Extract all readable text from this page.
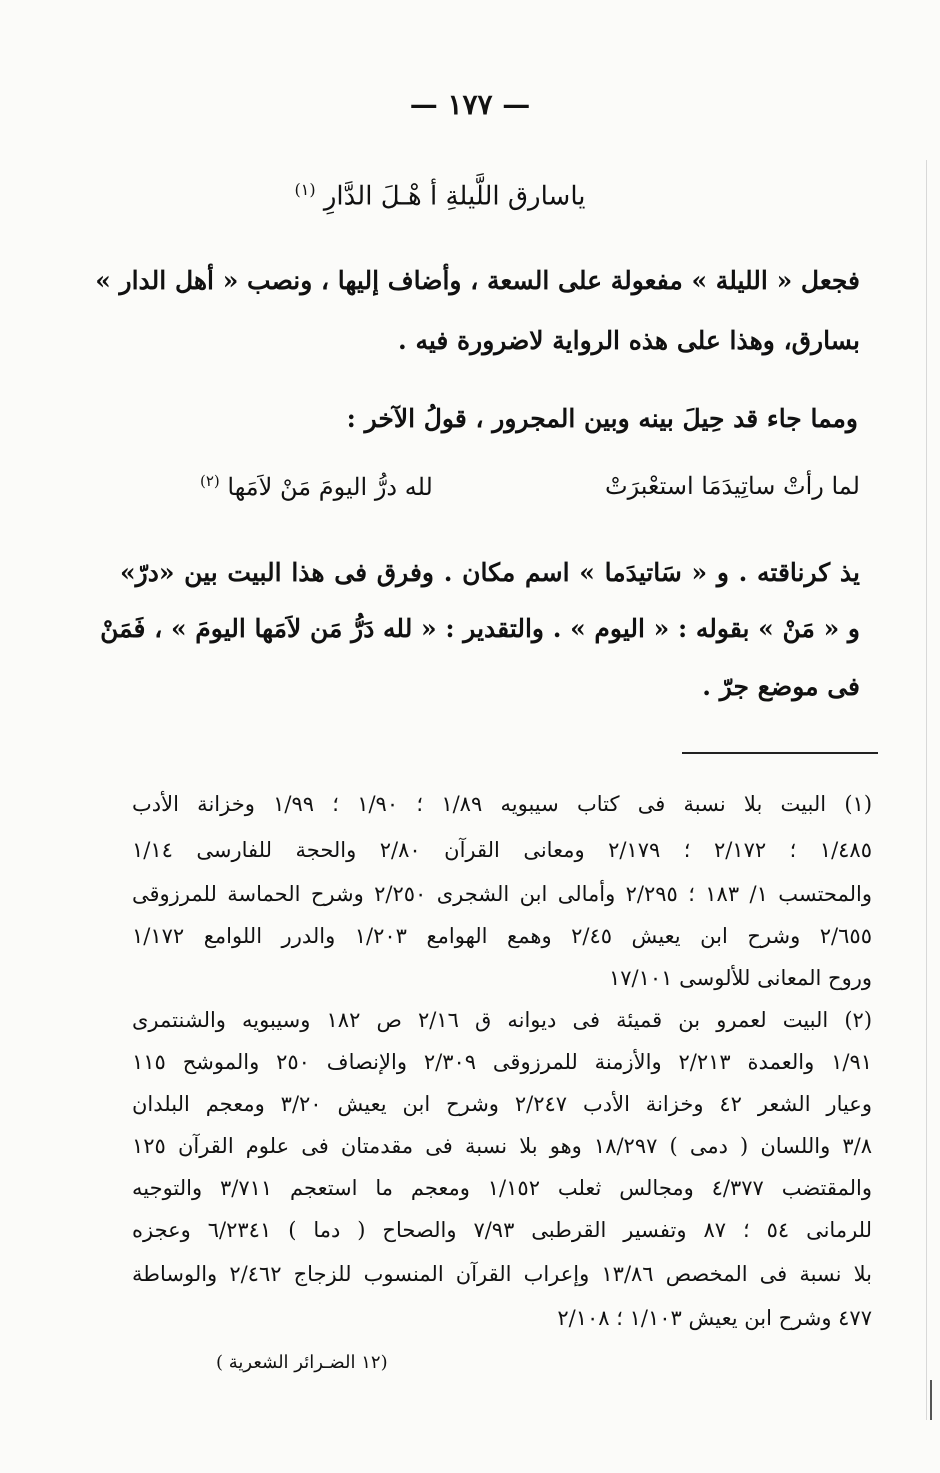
— ١٧٧ —
ياسارق اللَّيلةِ أ هْـلَ الدَّارِ $^{(١)}$
فجعل « الليلة » مفعولة على السعة ، وأضاف إليها ، ونصب « أهل الدار »
بسارق، وهذا على هذه الرواية لاضرورة فيه .
ومما جاء قد حِيلَ بينه وبين المجرور ، قولُ الآخر :
لما رأتْ ساتِيدَمَا استعْبرَتْ
لله درُّ اليومَ مَنْ لاَمَها $^{(٢)}$
يذ كرناقته . و « سَاتيدَما » اسم مكان . وفرق فى هذا البيت بين «درّ»
و « مَنْ » بقوله : « اليوم » . والتقدير : « لله دَرُّ مَن لاَمَها اليومَ » ، فَمَنْ
فى موضع جرّ .
(١) البيت بلا نسبة فى كتاب سيبويه ١/٨٩ ؛ ١/٩٠ ؛ ١/٩٩ وخزانة الأدب
١/٤٨٥ ؛ ٢/١٧٢ ؛ ٢/١٧٩ ومعانى القرآن ٢/٨٠ والحجة للفارسى ١/١٤
والمحتسب ١/ ١٨٣ ؛ ٢/٢٩٥ وأمالى ابن الشجرى ٢/٢٥٠ وشرح الحماسة للمرزوقى
٢/٦٥٥ وشرح ابن يعيش ٢/٤٥ وهمع الهوامع ١/٢٠٣ والدرر اللوامع ١/١٧٢
وروح المعانى للألوسى ١٧/١٠١
(٢) البيت لعمرو بن قميئة فى ديوانه ق ٢/١٦ ص ١٨٢ وسيبويه والشنتمرى
١/٩١ والعمدة ٢/٢١٣ والأزمنة للمرزوقى ٢/٣٠٩ والإنصاف ٢٥٠ والموشح ١١٥
وعيار الشعر ٤٢ وخزانة الأدب ٢/٢٤٧ وشرح ابن يعيش ٣/٢٠ ومعجم البلدان
٣/٨ واللسان ( دمى ) ١٨/٢٩٧ وهو بلا نسبة فى مقدمتان فى علوم القرآن ١٢٥
والمقتضب ٤/٣٧٧ ومجالس ثعلب ١/١٥٢ ومعجم ما استعجم ٣/٧١١ والتوجيه
للرمانى ٥٤ ؛ ٨٧ وتفسير القرطبى ٧/٩٣ والصحاح ( دما ) ٦/٢٣٤١ وعجزه
بلا نسبة فى المخصص ١٣/٨٦ وإعراب القرآن المنسوب للزجاج ٢/٤٦٢ والوساطة
٤٧٧ وشرح ابن يعيش ١/١٠٣ ؛ ٢/١٠٨
(١٢ الضـرائر الشعرية )
